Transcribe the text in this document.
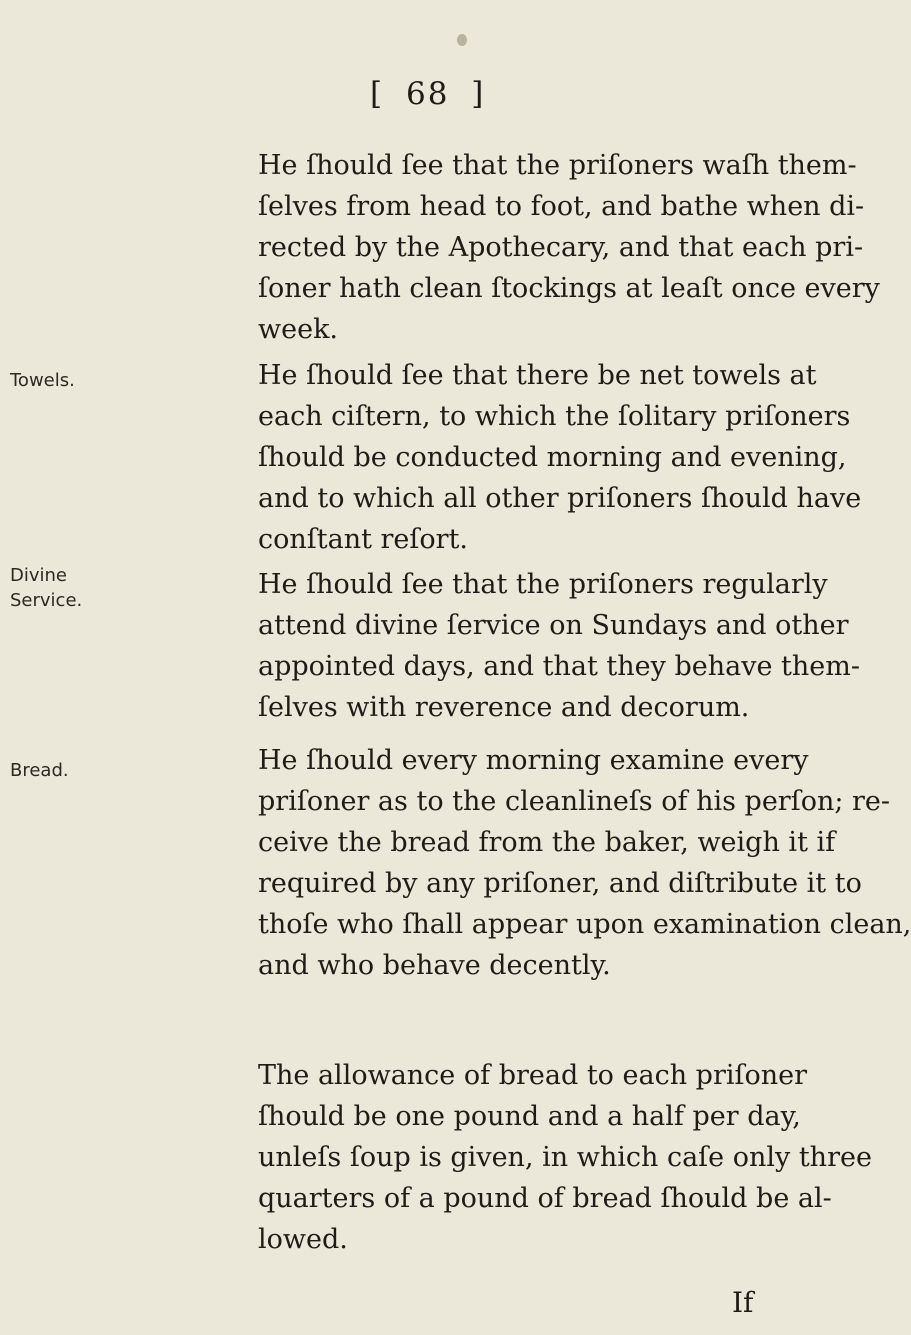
[ 68 ]
Towels.
Divine Service.
Bread.
He ſhould ſee that the priſoners waſh them-
ſelves from head to foot, and bathe when di-
rected by the Apothecary, and that each pri-
ſoner hath clean ſtockings at leaſt once every
week.
He ſhould ſee that there be net towels at
each ciſtern, to which the ſolitary priſoners
ſhould be conducted morning and evening,
and to which all other priſoners ſhould have
conſtant reſort.
He ſhould ſee that the priſoners regularly
attend divine ſervice on Sundays and other
appointed days, and that they behave them-
ſelves with reverence and decorum.
He ſhould every morning examine every
priſoner as to the cleanlineſs of his perſon; re-
ceive the bread from the baker, weigh it if
required by any priſoner, and diſtribute it to
thoſe who ſhall appear upon examination clean,
and who behave decently.
The allowance of bread to each priſoner
ſhould be one pound and a half per day,
unleſs ſoup is given, in which caſe only three
quarters of a pound of bread ſhould be al-
lowed.
If
